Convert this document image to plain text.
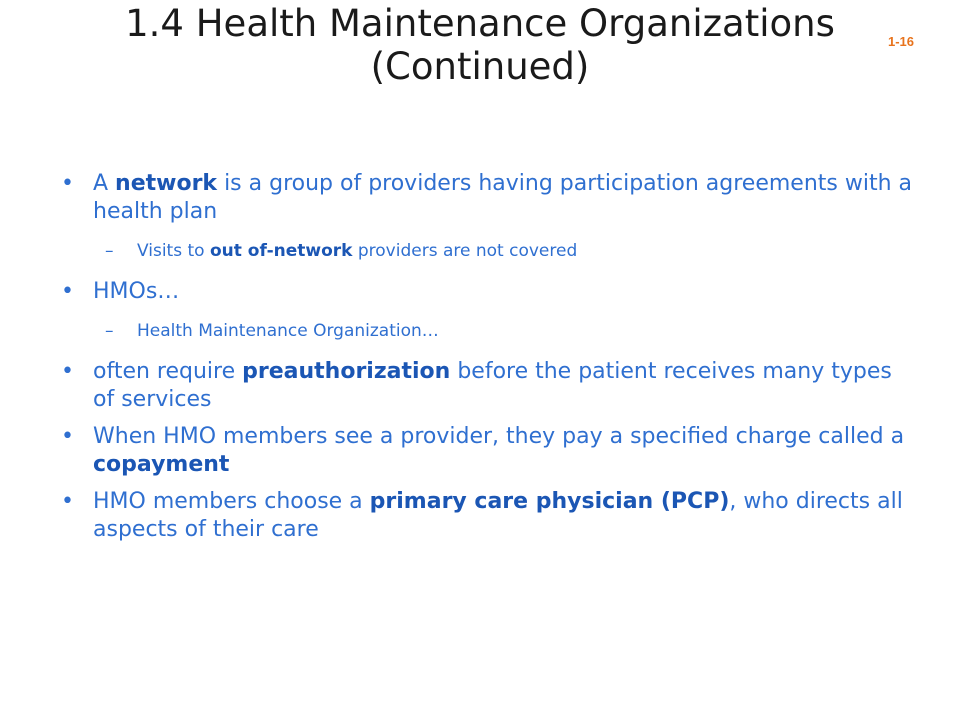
1.4 Health Maintenance Organizations
(Continued)
1-16
• A network is a group of providers having participation agreements with a health plan
– Visits to out of-network providers are not covered
• HMOs…
– Health Maintenance Organization…
• often require preauthorization before the patient receives many types of services
• When HMO members see a provider, they pay a specified charge called a copayment
• HMO members choose a primary care physician (PCP), who directs all aspects of their care
